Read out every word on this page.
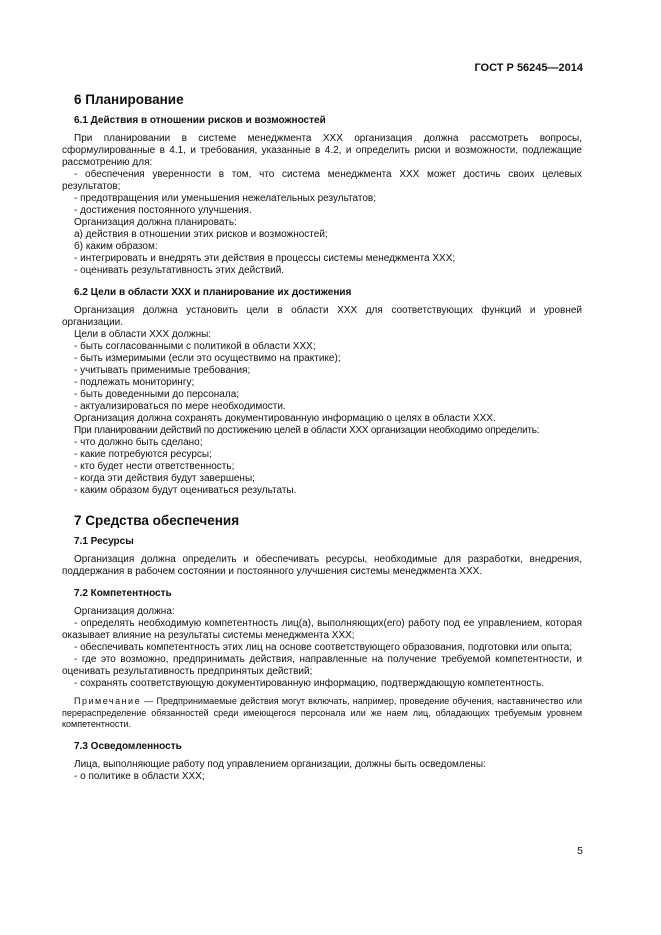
ГОСТ Р 56245—2014
6 Планирование
6.1 Действия в отношении рисков и возможностей

При планировании в системе менеджмента XXX организация должна рассмотреть вопросы, сформулированные в 4.1, и требования, указанные в 4.2, и определить риски и возможности, подлежащие рассмотрению для:

- обеспечения уверенности в том, что система менеджмента XXX может достичь своих целевых результатов;

- предотвращения или уменьшения нежелательных результатов;

- достижения постоянного улучшения.

Организация должна планировать:

а) действия в отношении этих рисков и возможностей;

б) каким образом:

- интегрировать и внедрять эти действия в процессы системы менеджмента XXX;

- оценивать результативность этих действий.

6.2 Цели в области XXX и планирование их достижения

Организация должна установить цели в области XXX для соответствующих функций и уровней организации.

Цели в области XXX должны:

- быть согласованными с политикой в области XXX;

- быть измеримыми (если это осуществимо на практике);

- учитывать применимые требования;

- подлежать мониторингу;

- быть доведенными до персонала;

- актуализироваться по мере необходимости.

Организация должна сохранять документированную информацию о целях в области XXX.

При планировании действий по достижению целей в области XXX организации необходимо определить:

- что должно быть сделано;

- какие потребуются ресурсы;

- кто будет нести ответственность;

- когда эти действия будут завершены;

- каким образом будут оцениваться результаты.

7 Средства обеспечения
7.1 Ресурсы

Организация должна определить и обеспечивать ресурсы, необходимые для разработки, внедрения, поддержания в рабочем состоянии и постоянного улучшения системы менеджмента XXX.

7.2 Компетентность

Организация должна:

- определять необходимую компетентность лиц(а), выполняющих(его) работу под ее управлением, которая оказывает влияние на результаты системы менеджмента XXX;

- обеспечивать компетентность этих лиц на основе соответствующего образования, подготовки или опыта;

- где это возможно, предпринимать действия, направленные на получение требуемой компетентности, и оценивать результативность предпринятых действий;

- сохранять соответствующую документированную информацию, подтверждающую компетентность.

Примечание — Предпринимаемые действия могут включать, например, проведение обучения, наставничество или перераспределение обязанностей среди имеющегося персонала или же наем лиц, обладающих требуемым уровнем компетентности.

7.3 Осведомленность

Лица, выполняющие работу под управлением организации, должны быть осведомлены:

- о политике в области XXX;

5
